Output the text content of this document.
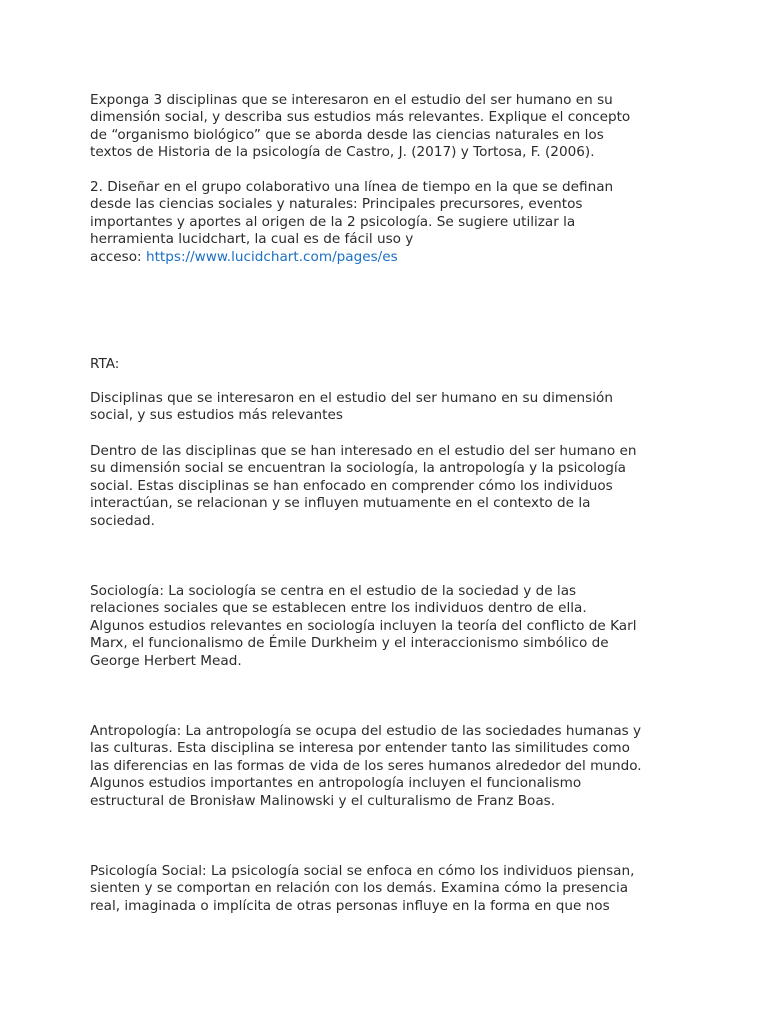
Exponga 3 disciplinas que se interesaron en el estudio del ser humano en su
dimensión social, y describa sus estudios más relevantes. Explique el concepto
de “organismo biológico” que se aborda desde las ciencias naturales en los
textos de Historia de la psicología de Castro, J. (2017) y Tortosa, F. (2006).

2. Diseñar en el grupo colaborativo una línea de tiempo en la que se definan
desde las ciencias sociales y naturales: Principales precursores, eventos
importantes y aportes al origen de la 2 psicología. Se sugiere utilizar la
herramienta lucidchart, la cual es de fácil uso y
acceso: https://www.lucidchart.com/pages/es

RTA:

Disciplinas que se interesaron en el estudio del ser humano en su dimensión
social, y sus estudios más relevantes

Dentro de las disciplinas que se han interesado en el estudio del ser humano en
su dimensión social se encuentran la sociología, la antropología y la psicología
social. Estas disciplinas se han enfocado en comprender cómo los individuos
interactúan, se relacionan y se influyen mutuamente en el contexto de la
sociedad.

Sociología: La sociología se centra en el estudio de la sociedad y de las
relaciones sociales que se establecen entre los individuos dentro de ella.
Algunos estudios relevantes en sociología incluyen la teoría del conflicto de Karl
Marx, el funcionalismo de Émile Durkheim y el interaccionismo simbólico de
George Herbert Mead.

Antropología: La antropología se ocupa del estudio de las sociedades humanas y
las culturas. Esta disciplina se interesa por entender tanto las similitudes como
las diferencias en las formas de vida de los seres humanos alrededor del mundo.
Algunos estudios importantes en antropología incluyen el funcionalismo
estructural de Bronisław Malinowski y el culturalismo de Franz Boas.

Psicología Social: La psicología social se enfoca en cómo los individuos piensan,
sienten y se comportan en relación con los demás. Examina cómo la presencia
real, imaginada o implícita de otras personas influye en la forma en que nos
